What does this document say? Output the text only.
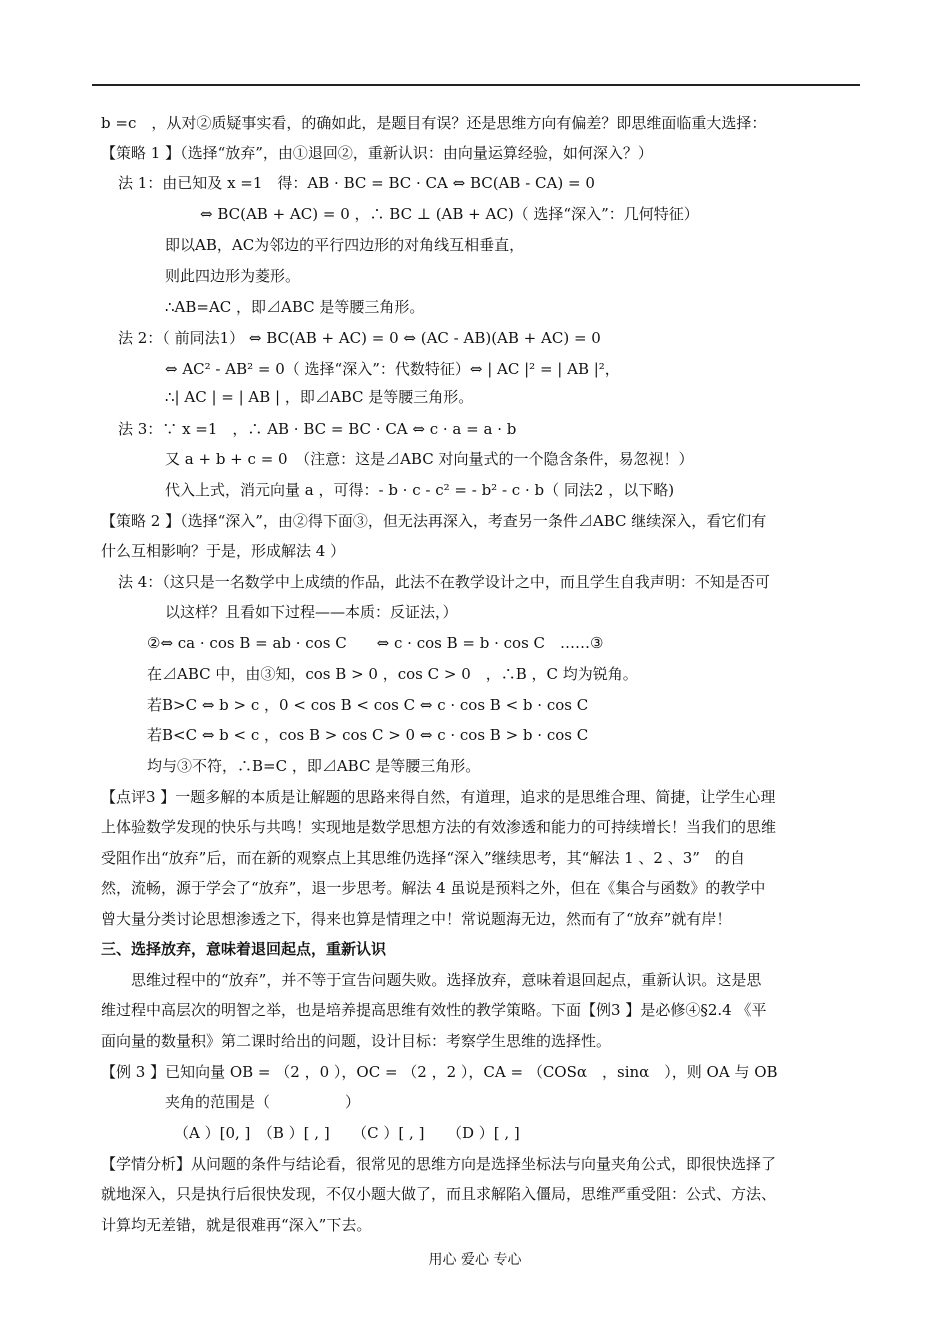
b =c　，从对②质疑事实看，的确如此，是题目有误？还是思维方向有偏差？即思维面临重大选择：
【策略 1 】（选择“放弃”，由①退回②，重新认识：由向量运算经验，如何深入？）
法 1：由已知及 x =1　得：AB · BC = BC · CA ⇔ BC(AB - CA) = 0
⇔ BC(AB + AC) = 0 ，∴ BC ⊥ (AB + AC)（ 选择“深入”：几何特征）
即以AB，AC为邻边的平行四边形的对角线互相垂直，
则此四边形为菱形。
∴AB=AC ，即⊿ABC 是等腰三角形。
法 2：（ 前同法1） ⇔ BC(AB + AC) = 0 ⇔ (AC - AB)(AB + AC) = 0
⇔ AC² - AB² = 0（ 选择“深入”：代数特征）⇔ | AC |² = | AB |²，
∴| AC | = | AB | ，即⊿ABC 是等腰三角形。
法 3：∵ x =1　，∴ AB · BC = BC · CA ⇔ c · a = a · b
又 a + b + c = 0　（注意：这是⊿ABC 对向量式的一个隐含条件，易忽视！）
代入上式，消元向量 a ，可得：- b · c - c² = - b² - c · b（ 同法2 ，以下略)
【策略 2 】（选择“深入”，由②得下面③，但无法再深入，考查另一条件⊿ABC 继续深入，看它们有
什么互相影响？于是，形成解法 4 ）
法 4：（这只是一名数学中上成绩的作品，此法不在教学设计之中，而且学生自我声明：不知是否可
以这样？且看如下过程——本质：反证法，）
②⇔ ca · cos B = ab · cos C　　⇔ c · cos B = b · cos C　……③
在⊿ABC 中，由③知，cos B > 0 ，cos C > 0　，∴B ，C 均为锐角。
若B>C ⇔ b > c ，0 < cos B < cos C ⇔ c · cos B < b · cos C
若B<C ⇔ b < c ，cos B > cos C > 0 ⇔ c · cos B > b · cos C
均与③不符，∴B=C ，即⊿ABC 是等腰三角形。
【点评3 】一题多解的本质是让解题的思路来得自然，有道理，追求的是思维合理、简捷，让学生心理
上体验数学发现的快乐与共鸣！实现地是数学思想方法的有效渗透和能力的可持续增长！当我们的思维
受阻作出“放弃”后，而在新的观察点上其思维仍选择“深入”继续思考，其“解法 1 、2 、3”　的自
然，流畅，源于学会了“放弃”，退一步思考。解法 4 虽说是预料之外，但在《集合与函数》的教学中
曾大量分类讨论思想渗透之下，得来也算是情理之中！常说题海无边，然而有了“放弃”就有岸！
三、选择放弃，意味着退回起点，重新认识
思维过程中的“放弃”，并不等于宣告问题失败。选择放弃，意味着退回起点，重新认识。这是思
维过程中高层次的明智之举，也是培养提高思维有效性的教学策略。下面【例3 】是必修④§2.4 《平
面向量的数量积》第二课时给出的问题，设计目标：考察学生思维的选择性。
【例 3 】已知向量 OB = （2 ，0 ），OC = （2 ，2 ），CA = （COSα　，sinα　），则 OA 与 OB
夹角的范围是（　　　　　）
（A ）[0, ]　（B ）[ , ]　　（C ）[ , ]　　（D ）[ , ]
【学情分析】从问题的条件与结论看，很常见的思维方向是选择坐标法与向量夹角公式，即很快选择了
就地深入，只是执行后很快发现，不仅小题大做了，而且求解陷入僵局，思维严重受阻：公式、方法、
计算均无差错，就是很难再“深入”下去。
用心 爱心 专心
